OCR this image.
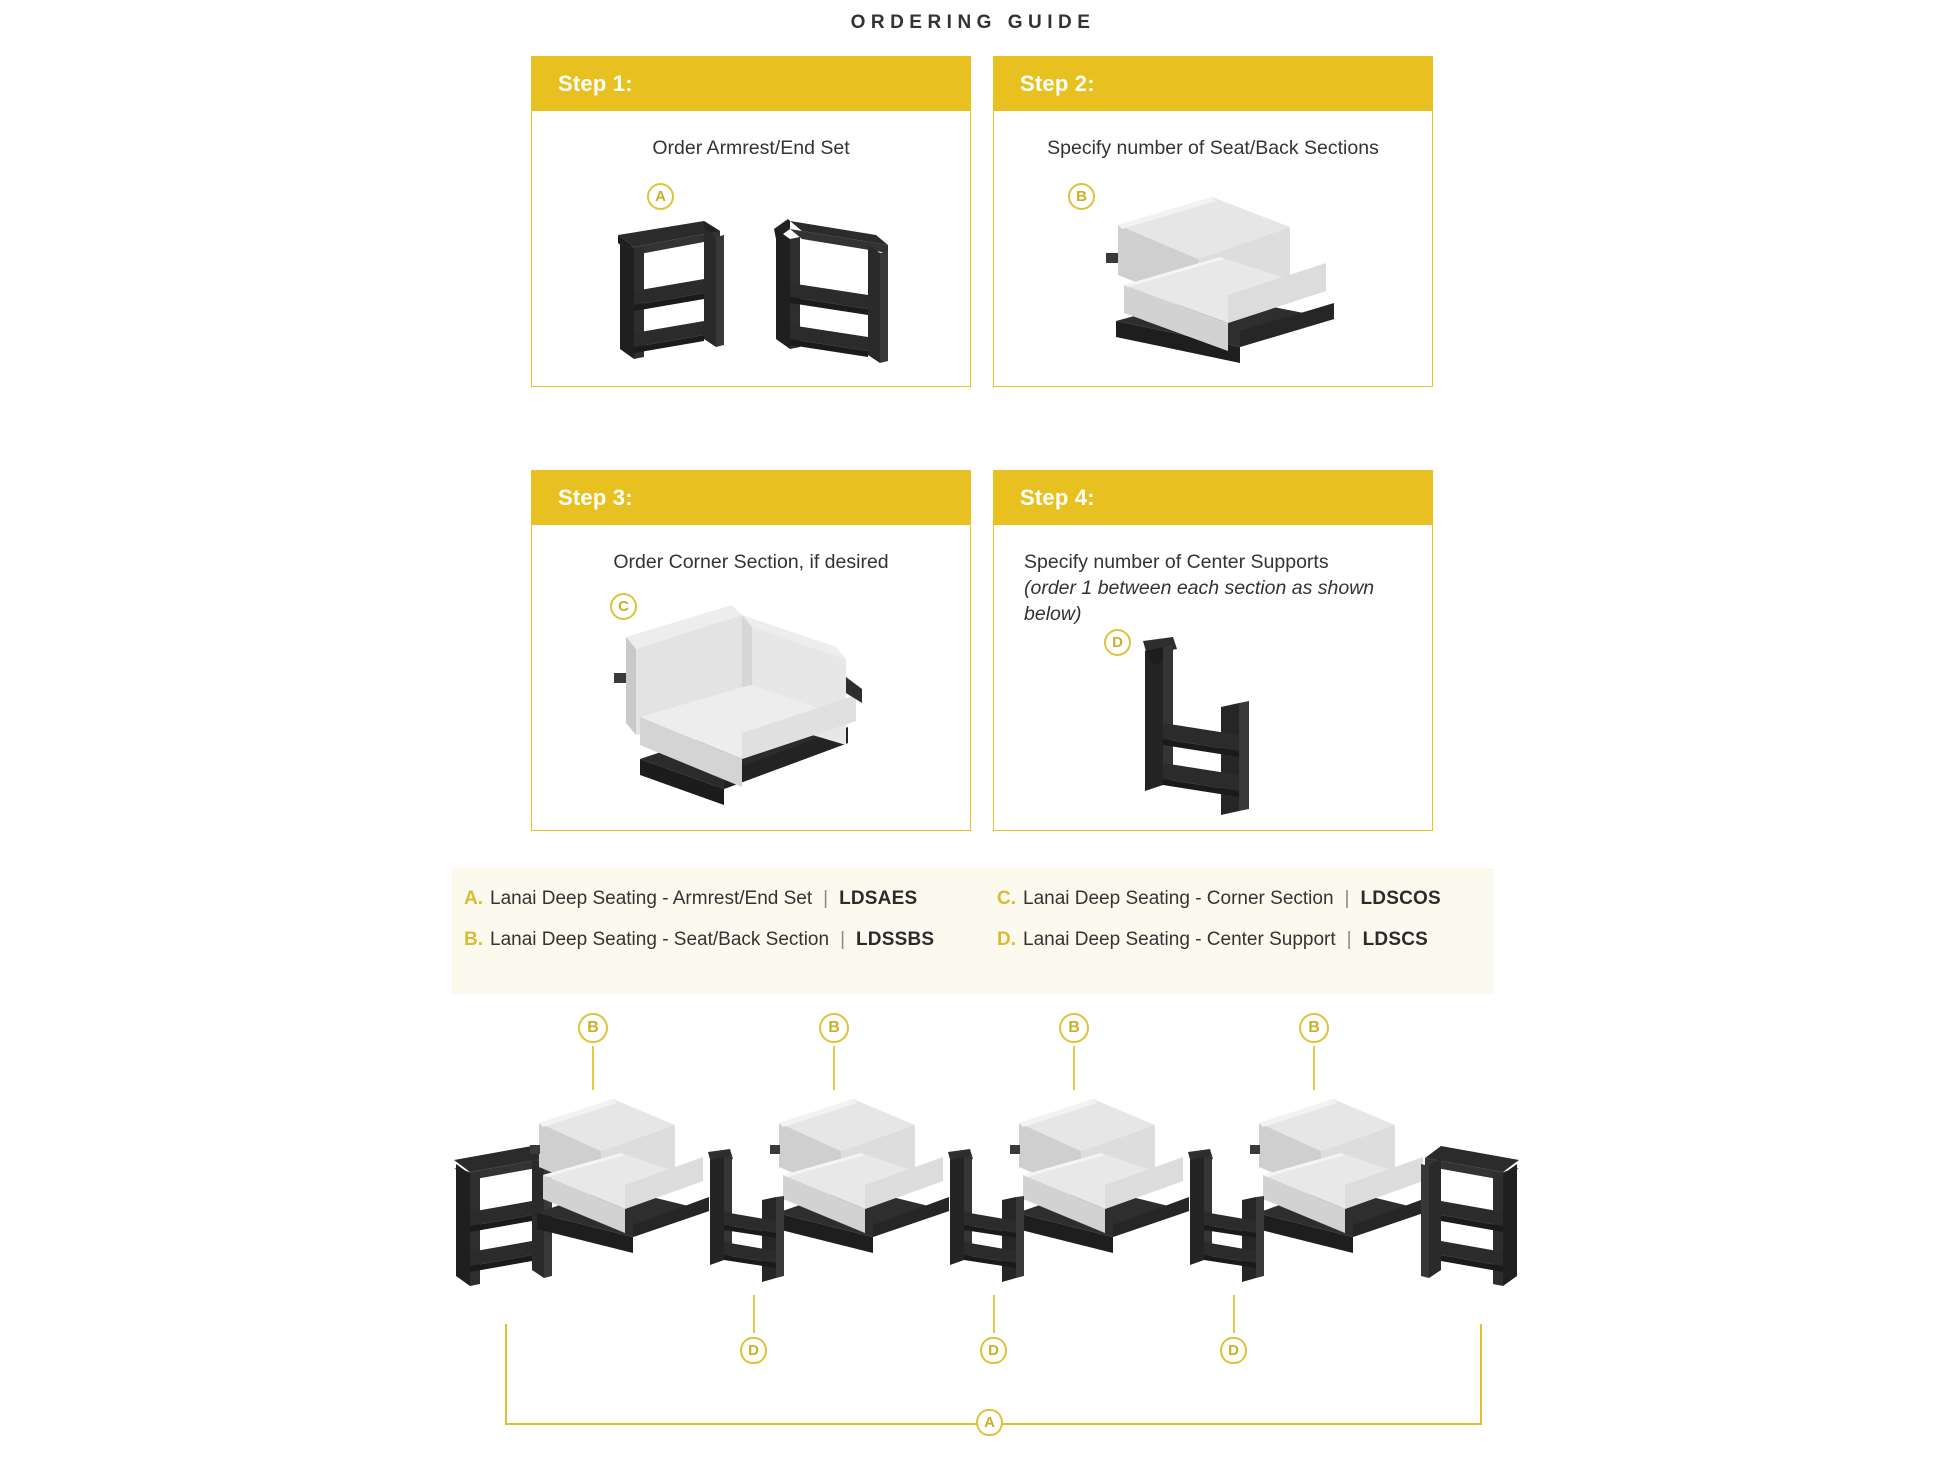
ORDERING GUIDE
Step 1:
Order Armrest/End Set
A
Step 2:
Specify number of Seat/Back Sections
B
Step 3:
Order Corner Section, if desired
C
Step 4:
Specify number of Center Supports
(order 1 between each section as shown below)
D
A. Lanai Deep Seating - Armrest/End Set | LDSAES
B. Lanai Deep Seating - Seat/Back Section | LDSSBS
C. Lanai Deep Seating - Corner Section | LDSCOS
D. Lanai Deep Seating - Center Support | LDSCS
B	B	B	B
D	D	D
A
